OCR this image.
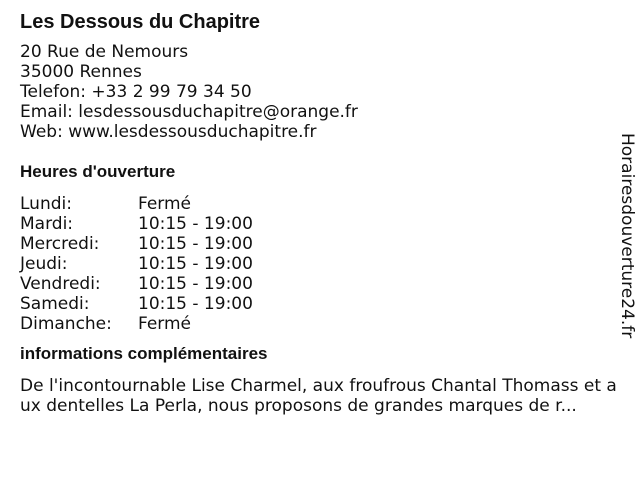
Les Dessous du Chapitre
20 Rue de Nemours
35000 Rennes
Telefon: +33 2 99 79 34 50
Email: lesdessousduchapitre@orange.fr
Web: www.lesdessousduchapitre.fr
Heures d'ouverture
Lundi:	Fermé
Mardi:	10:15 - 19:00
Mercredi:	10:15 - 19:00
Jeudi:	10:15 - 19:00
Vendredi:	10:15 - 19:00
Samedi:	10:15 - 19:00
Dimanche:	Fermé
informations complémentaires
De l'incontournable Lise Charmel, aux froufrous Chantal Thomass et aux dentelles La Perla, nous proposons de grandes marques de r...
Horairesdouverture24.fr
